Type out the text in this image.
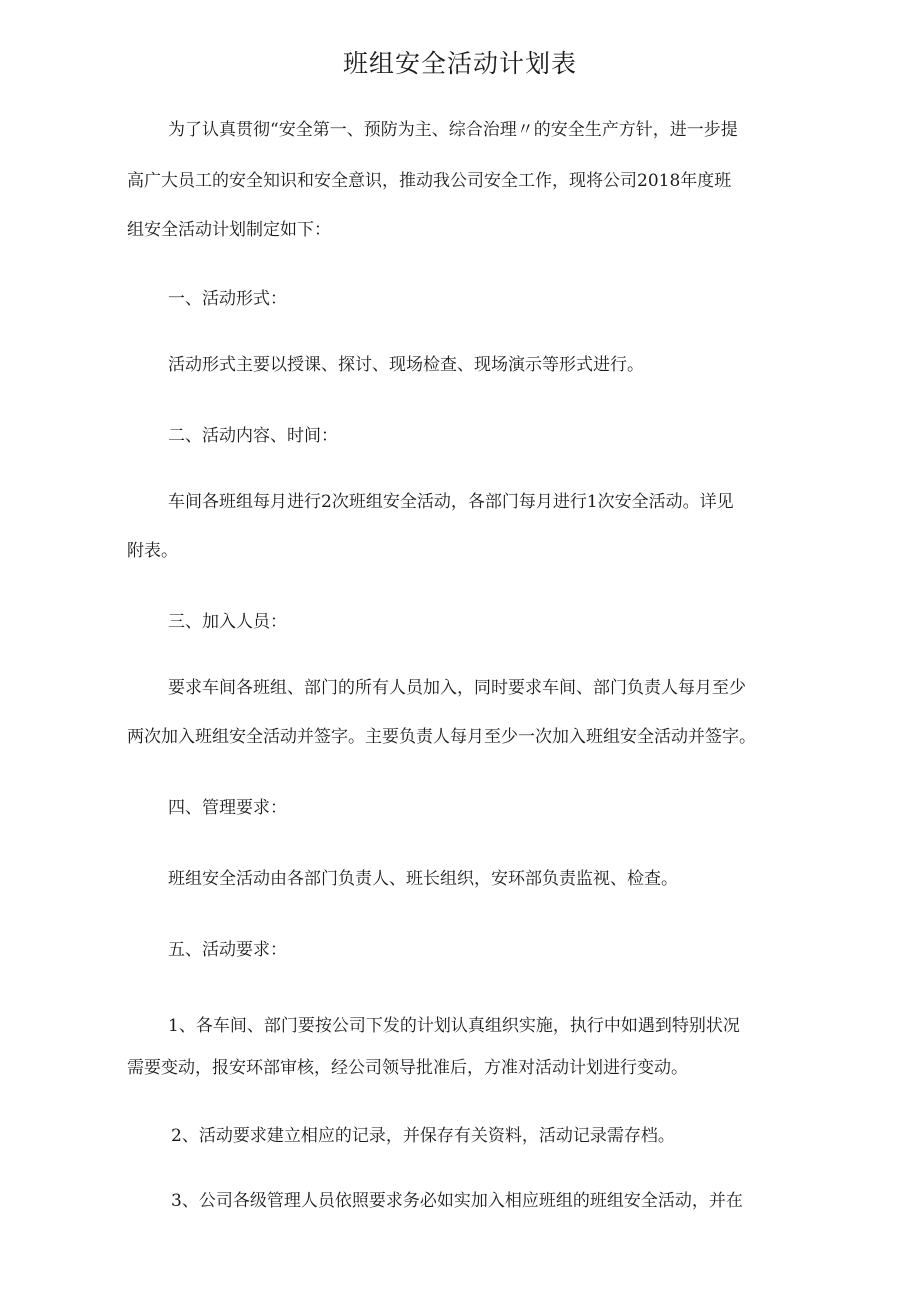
班组安全活动计划表
为了认真贯彻“安全第一、预防为主、综合治理〃的安全生产方针，进一步提
高广大员工的安全知识和安全意识，推动我公司安全工作，现将公司2018年度班
组安全活动计划制定如下：
一、活动形式：
活动形式主要以授课、探讨、现场检查、现场演示等形式进行。
二、活动内容、时间：
车间各班组每月进行2次班组安全活动，各部门每月进行1次安全活动。详见
附表。
三、加入人员：
要求车间各班组、部门的所有人员加入，同时要求车间、部门负责人每月至少
两次加入班组安全活动并签字。主要负责人每月至少一次加入班组安全活动并签字。
四、管理要求：
班组安全活动由各部门负责人、班长组织，安环部负责监视、检查。
五、活动要求：
1、各车间、部门要按公司下发的计划认真组织实施，执行中如遇到特别状况
需要变动，报安环部审核，经公司领导批准后，方准对活动计划进行变动。
2、活动要求建立相应的记录，并保存有关资料，活动记录需存档。
3、公司各级管理人员依照要求务必如实加入相应班组的班组安全活动，并在
